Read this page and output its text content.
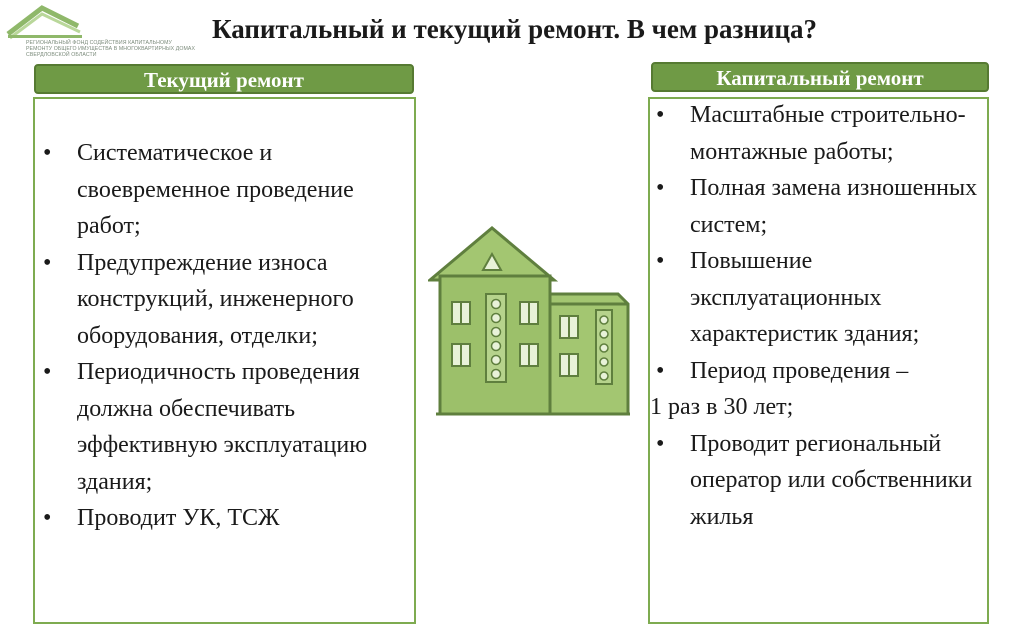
РЕГИОНАЛЬНЫЙ ФОНД СОДЕЙСТВИЯ КАПИТАЛЬНОМУ РЕМОНТУ ОБЩЕГО ИМУЩЕСТВА В МНОГОКВАРТИРНЫХ ДОМАХ СВЕРДЛОВСКОЙ ОБЛАСТИ
Капитальный и текущий ремонт. В чем разница?
Текущий ремонт
• Систематическое и своевременное проведение работ;
• Предупреждение износа конструкций, инженерного оборудования, отделки;
• Периодичность проведения должна обеспечивать эффективную эксплуатацию здания;
• Проводит УК, ТСЖ
Капитальный ремонт
• Масштабные строительно-монтажные работы;
• Полная замена изношенных систем;
• Повышение эксплуатационных характеристик здания;
• Период проведения –
1 раз в 30 лет;
• Проводит региональный оператор или собственники жилья
